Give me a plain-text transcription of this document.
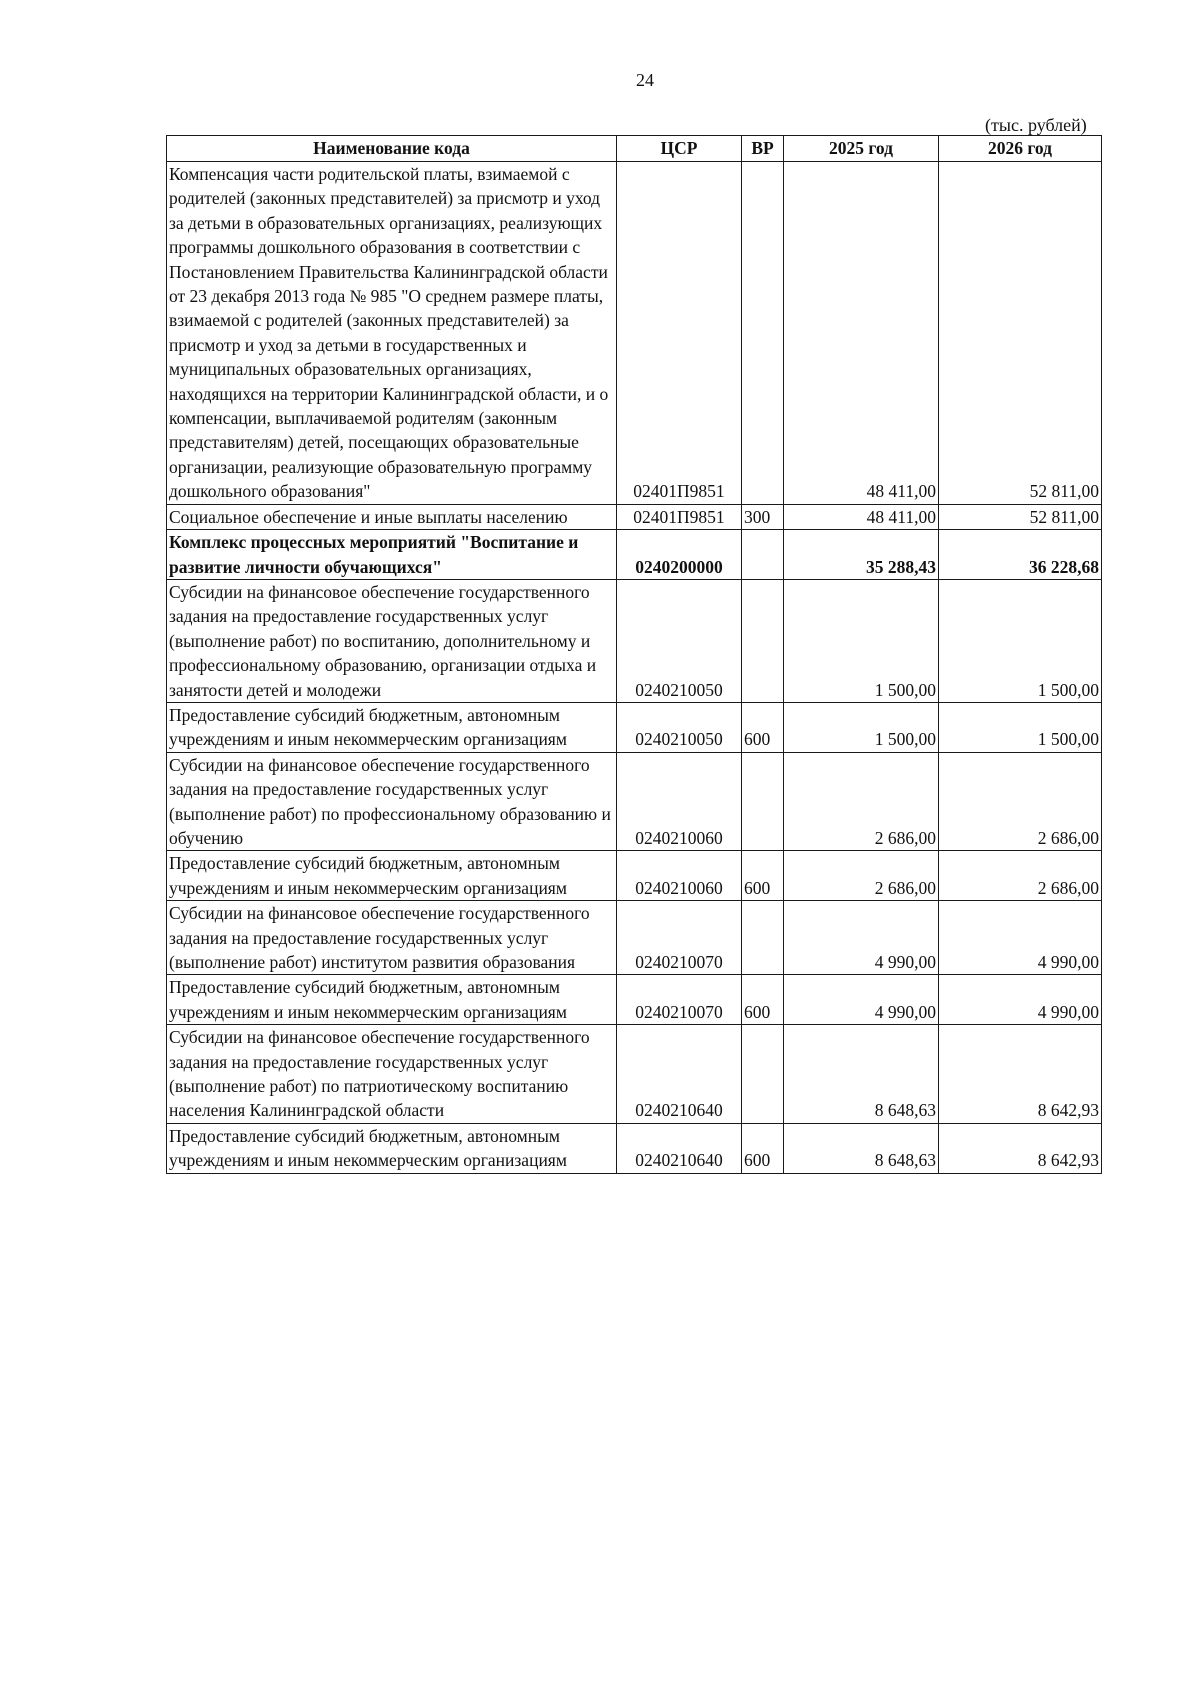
24
(тыс. рублей)
Наименование кода	ЦСР	ВР	2025 год	2026 год
Компенсация части родительской платы, взимаемой с родителей (законных представителей) за присмотр и уход за детьми в образовательных организациях, реализующих программы дошкольного образования в соответствии с Постановлением Правительства Калининградской области от 23 декабря 2013 года № 985 "О среднем размере платы, взимаемой с родителей (законных представителей) за присмотр и уход за детьми в государственных и муниципальных образовательных организациях, находящихся на территории Калининградской области, и о компенсации, выплачиваемой родителям (законным представителям) детей, посещающих образовательные организации, реализующие образовательную программу дошкольного образования"	02401П9851		48 411,00	52 811,00
Социальное обеспечение и иные выплаты населению	02401П9851	300	48 411,00	52 811,00
Комплекс процессных мероприятий "Воспитание и развитие личности обучающихся"	0240200000		35 288,43	36 228,68
Субсидии на финансовое обеспечение государственного задания на предоставление государственных услуг (выполнение работ) по воспитанию, дополнительному и профессиональному образованию, организации отдыха и занятости детей и молодежи	0240210050		1 500,00	1 500,00
Предоставление субсидий бюджетным, автономным учреждениям и иным некоммерческим организациям	0240210050	600	1 500,00	1 500,00
Субсидии на финансовое обеспечение государственного задания на предоставление государственных услуг (выполнение работ) по профессиональному образованию и обучению	0240210060		2 686,00	2 686,00
Предоставление субсидий бюджетным, автономным учреждениям и иным некоммерческим организациям	0240210060	600	2 686,00	2 686,00
Субсидии на финансовое обеспечение государственного задания на предоставление государственных услуг (выполнение работ) институтом развития образования	0240210070		4 990,00	4 990,00
Предоставление субсидий бюджетным, автономным учреждениям и иным некоммерческим организациям	0240210070	600	4 990,00	4 990,00
Субсидии на финансовое обеспечение государственного задания на предоставление государственных услуг (выполнение работ) по патриотическому воспитанию населения Калининградской области	0240210640		8 648,63	8 642,93
Предоставление субсидий бюджетным, автономным учреждениям и иным некоммерческим организациям	0240210640	600	8 648,63	8 642,93
